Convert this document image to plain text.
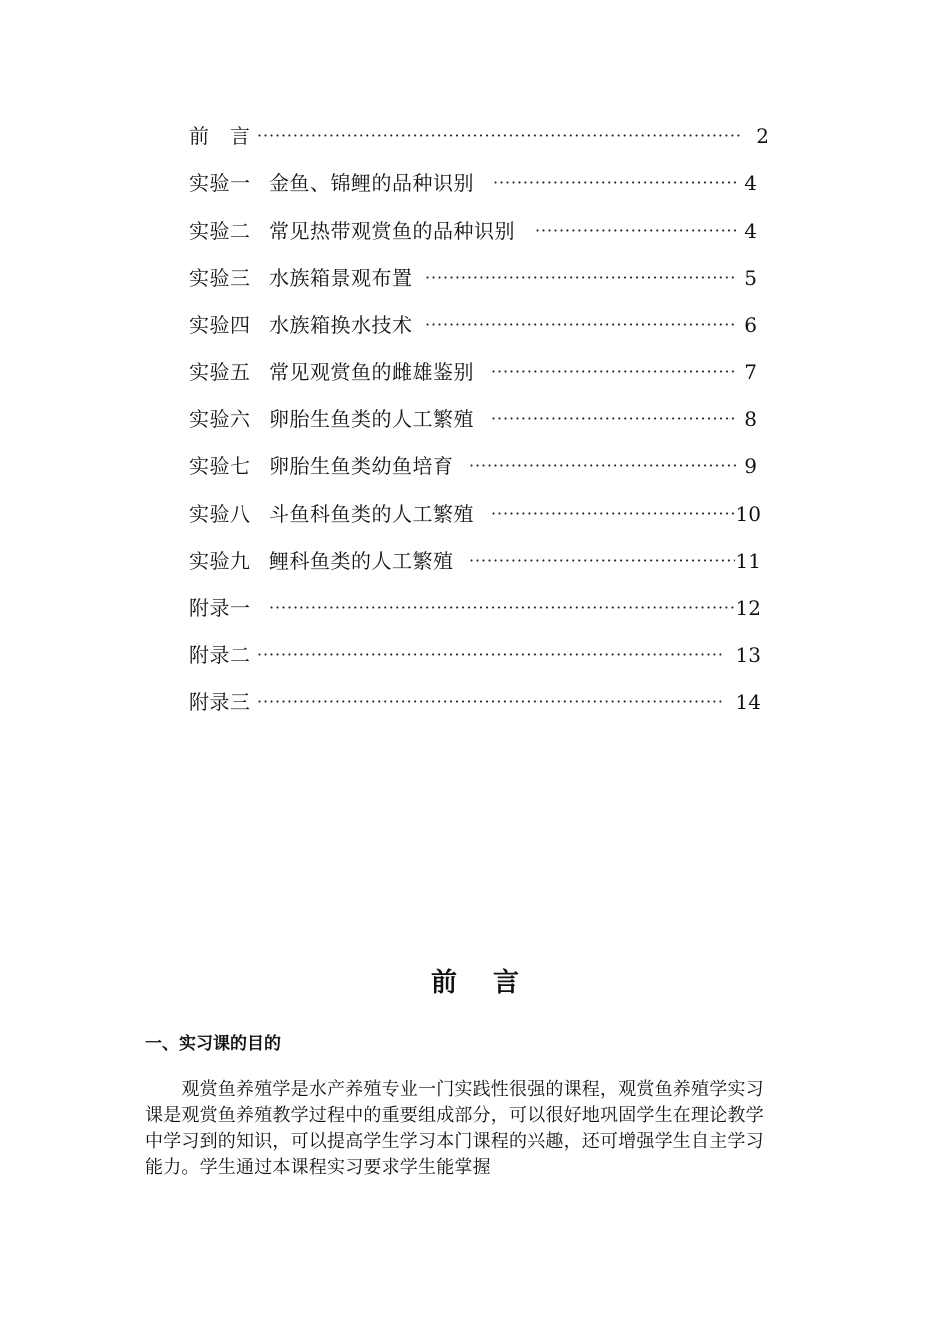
前　言 ·····	2
实验一 金鱼、锦鲤的品种识别 ·····	4
实验二 常见热带观赏鱼的品种识别 ·····	4
实验三 水族箱景观布置 ·····	5
实验四 水族箱换水技术 ·····	6
实验五 常见观赏鱼的雌雄鉴别 ·····	7
实验六 卵胎生鱼类的人工繁殖 ·····	8
实验七 卵胎生鱼类幼鱼培育 ·····	9
实验八 斗鱼科鱼类的人工繁殖 ·····	10
实验九 鲤科鱼类的人工繁殖 ·····	11
附录一 ·····	12
附录二 ·····	13
附录三 ·····	14
前言
一、实习课的目的
　　观赏鱼养殖学是水产养殖专业一门实践性很强的课程，观赏鱼养殖学实习
课是观赏鱼养殖教学过程中的重要组成部分，可以很好地巩固学生在理论教学
中学习到的知识，可以提高学生学习本门课程的兴趣，还可增强学生自主学习
能力。学生通过本课程实习要求学生能掌握
